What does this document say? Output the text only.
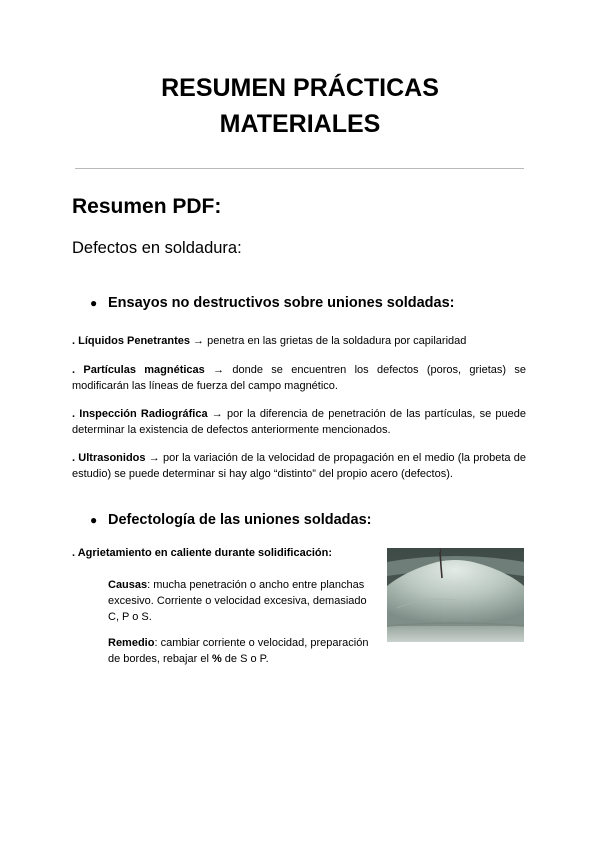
RESUMEN PRÁCTICAS
MATERIALES
Resumen PDF:
Defectos en soldadura:
● Ensayos no destructivos sobre uniones soldadas:
. Líquidos Penetrantes → penetra en las grietas de la soldadura por capilaridad
. Partículas magnéticas → donde se encuentren los defectos (poros, grietas) se modificarán las líneas de fuerza del campo magnético.
. Inspección Radiográfica → por la diferencia de penetración de las partículas, se puede determinar la existencia de defectos anteriormente mencionados.
. Ultrasonidos → por la variación de la velocidad de propagación en el medio (la probeta de estudio) se puede determinar si hay algo “distinto” del propio acero (defectos).
● Defectología de las uniones soldadas:
. Agrietamiento en caliente durante solidificación:
Causas: mucha penetración o ancho entre planchas excesivo. Corriente o velocidad excesiva, demasiado C, P o S.
Remedio: cambiar corriente o velocidad, preparación de bordes, rebajar el % de S o P.
